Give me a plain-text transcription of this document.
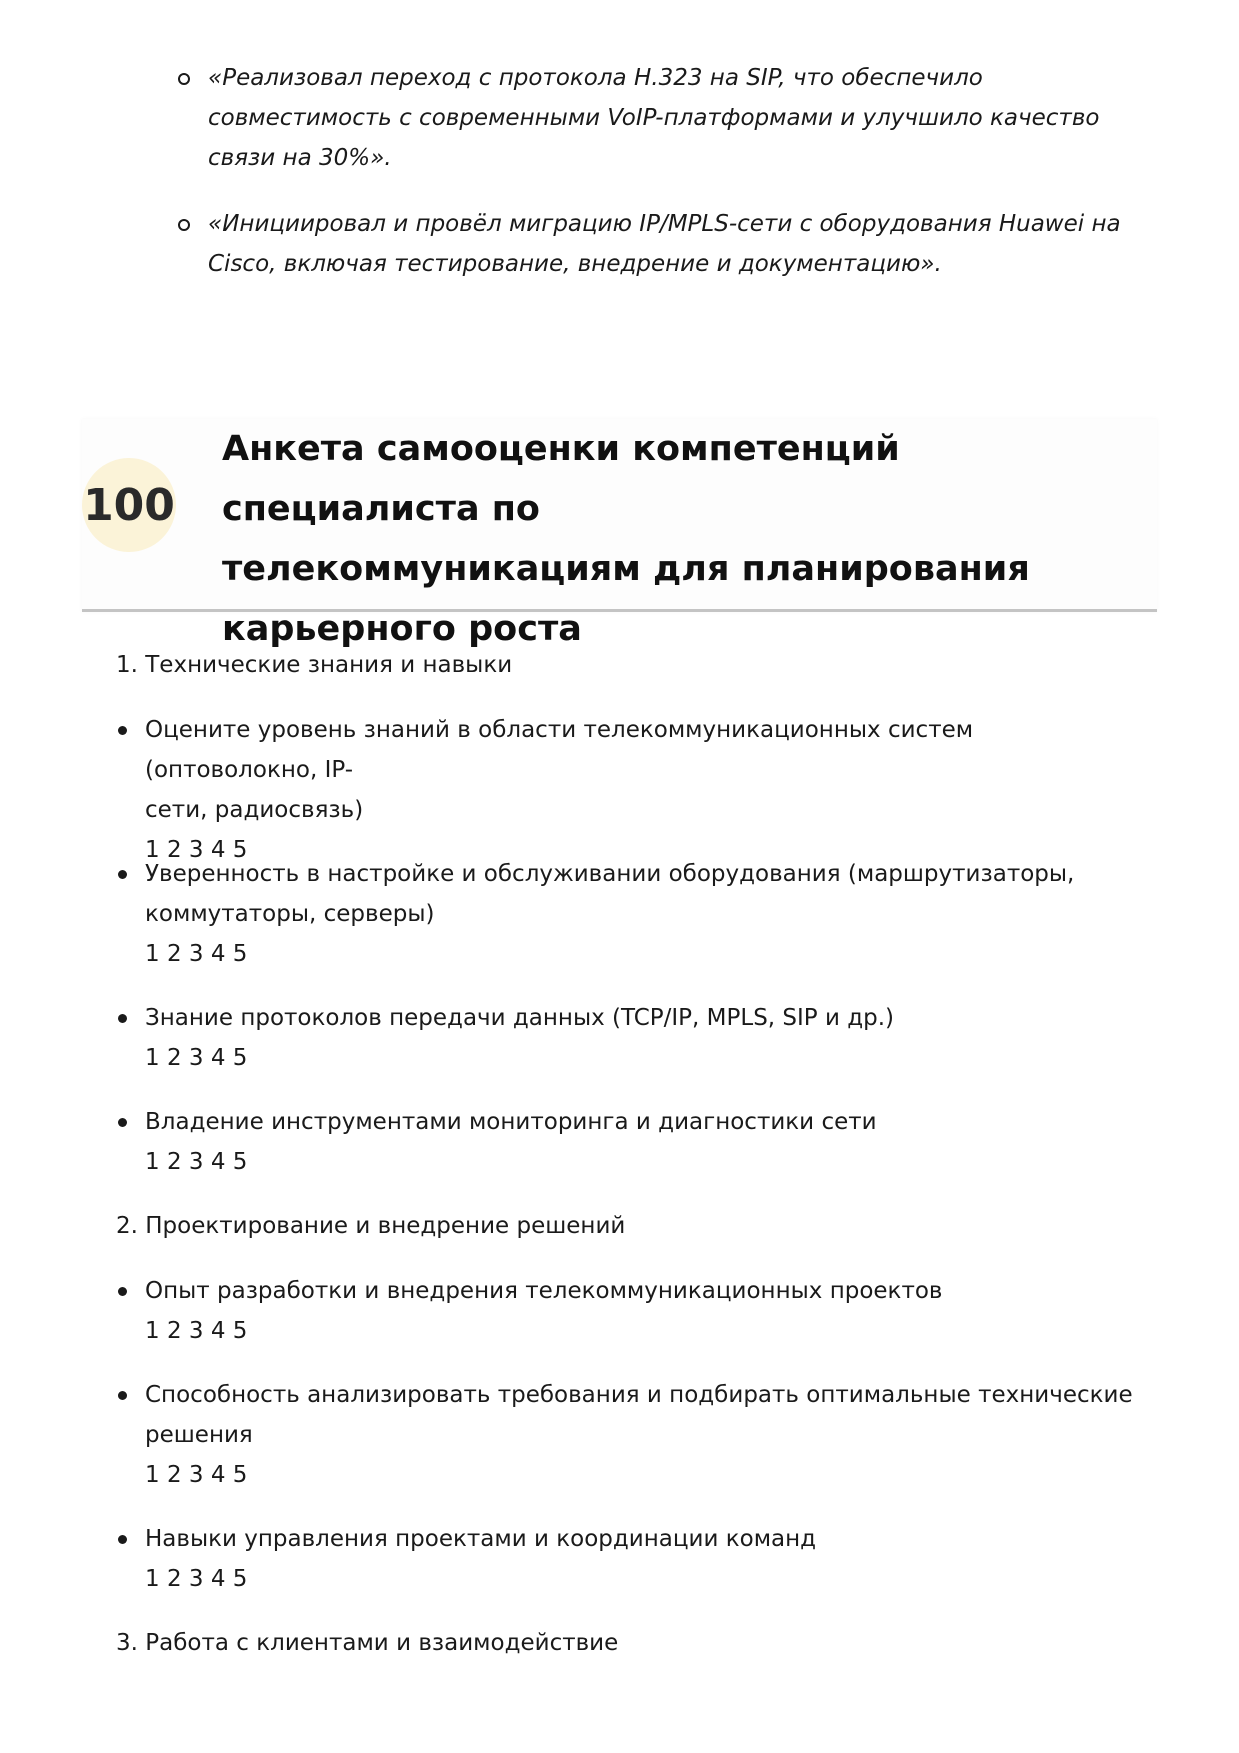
«Реализовал переход с протокола H.323 на SIP, что обеспечило совместимость с современными VoIP-платформами и улучшило качество связи на 30%».
«Инициировал и провёл миграцию IP/MPLS-сети с оборудования Huawei на Cisco, включая тестирование, внедрение и документацию».
100
Анкета самооценки компетенций специалиста по
телекоммуникациям для планирования
карьерного роста
1. Технические знания и навыки
Оцените уровень знаний в области телекоммуникационных систем (оптоволокно, IP-
сети, радиосвязь)
1 2 3 4 5
Уверенность в настройке и обслуживании оборудования (маршрутизаторы,
коммутаторы, серверы)
1 2 3 4 5
Знание протоколов передачи данных (TCP/IP, MPLS, SIP и др.)
1 2 3 4 5
Владение инструментами мониторинга и диагностики сети
1 2 3 4 5
2. Проектирование и внедрение решений
Опыт разработки и внедрения телекоммуникационных проектов
1 2 3 4 5
Способность анализировать требования и подбирать оптимальные технические
решения
1 2 3 4 5
Навыки управления проектами и координации команд
1 2 3 4 5
3. Работа с клиентами и взаимодействие
